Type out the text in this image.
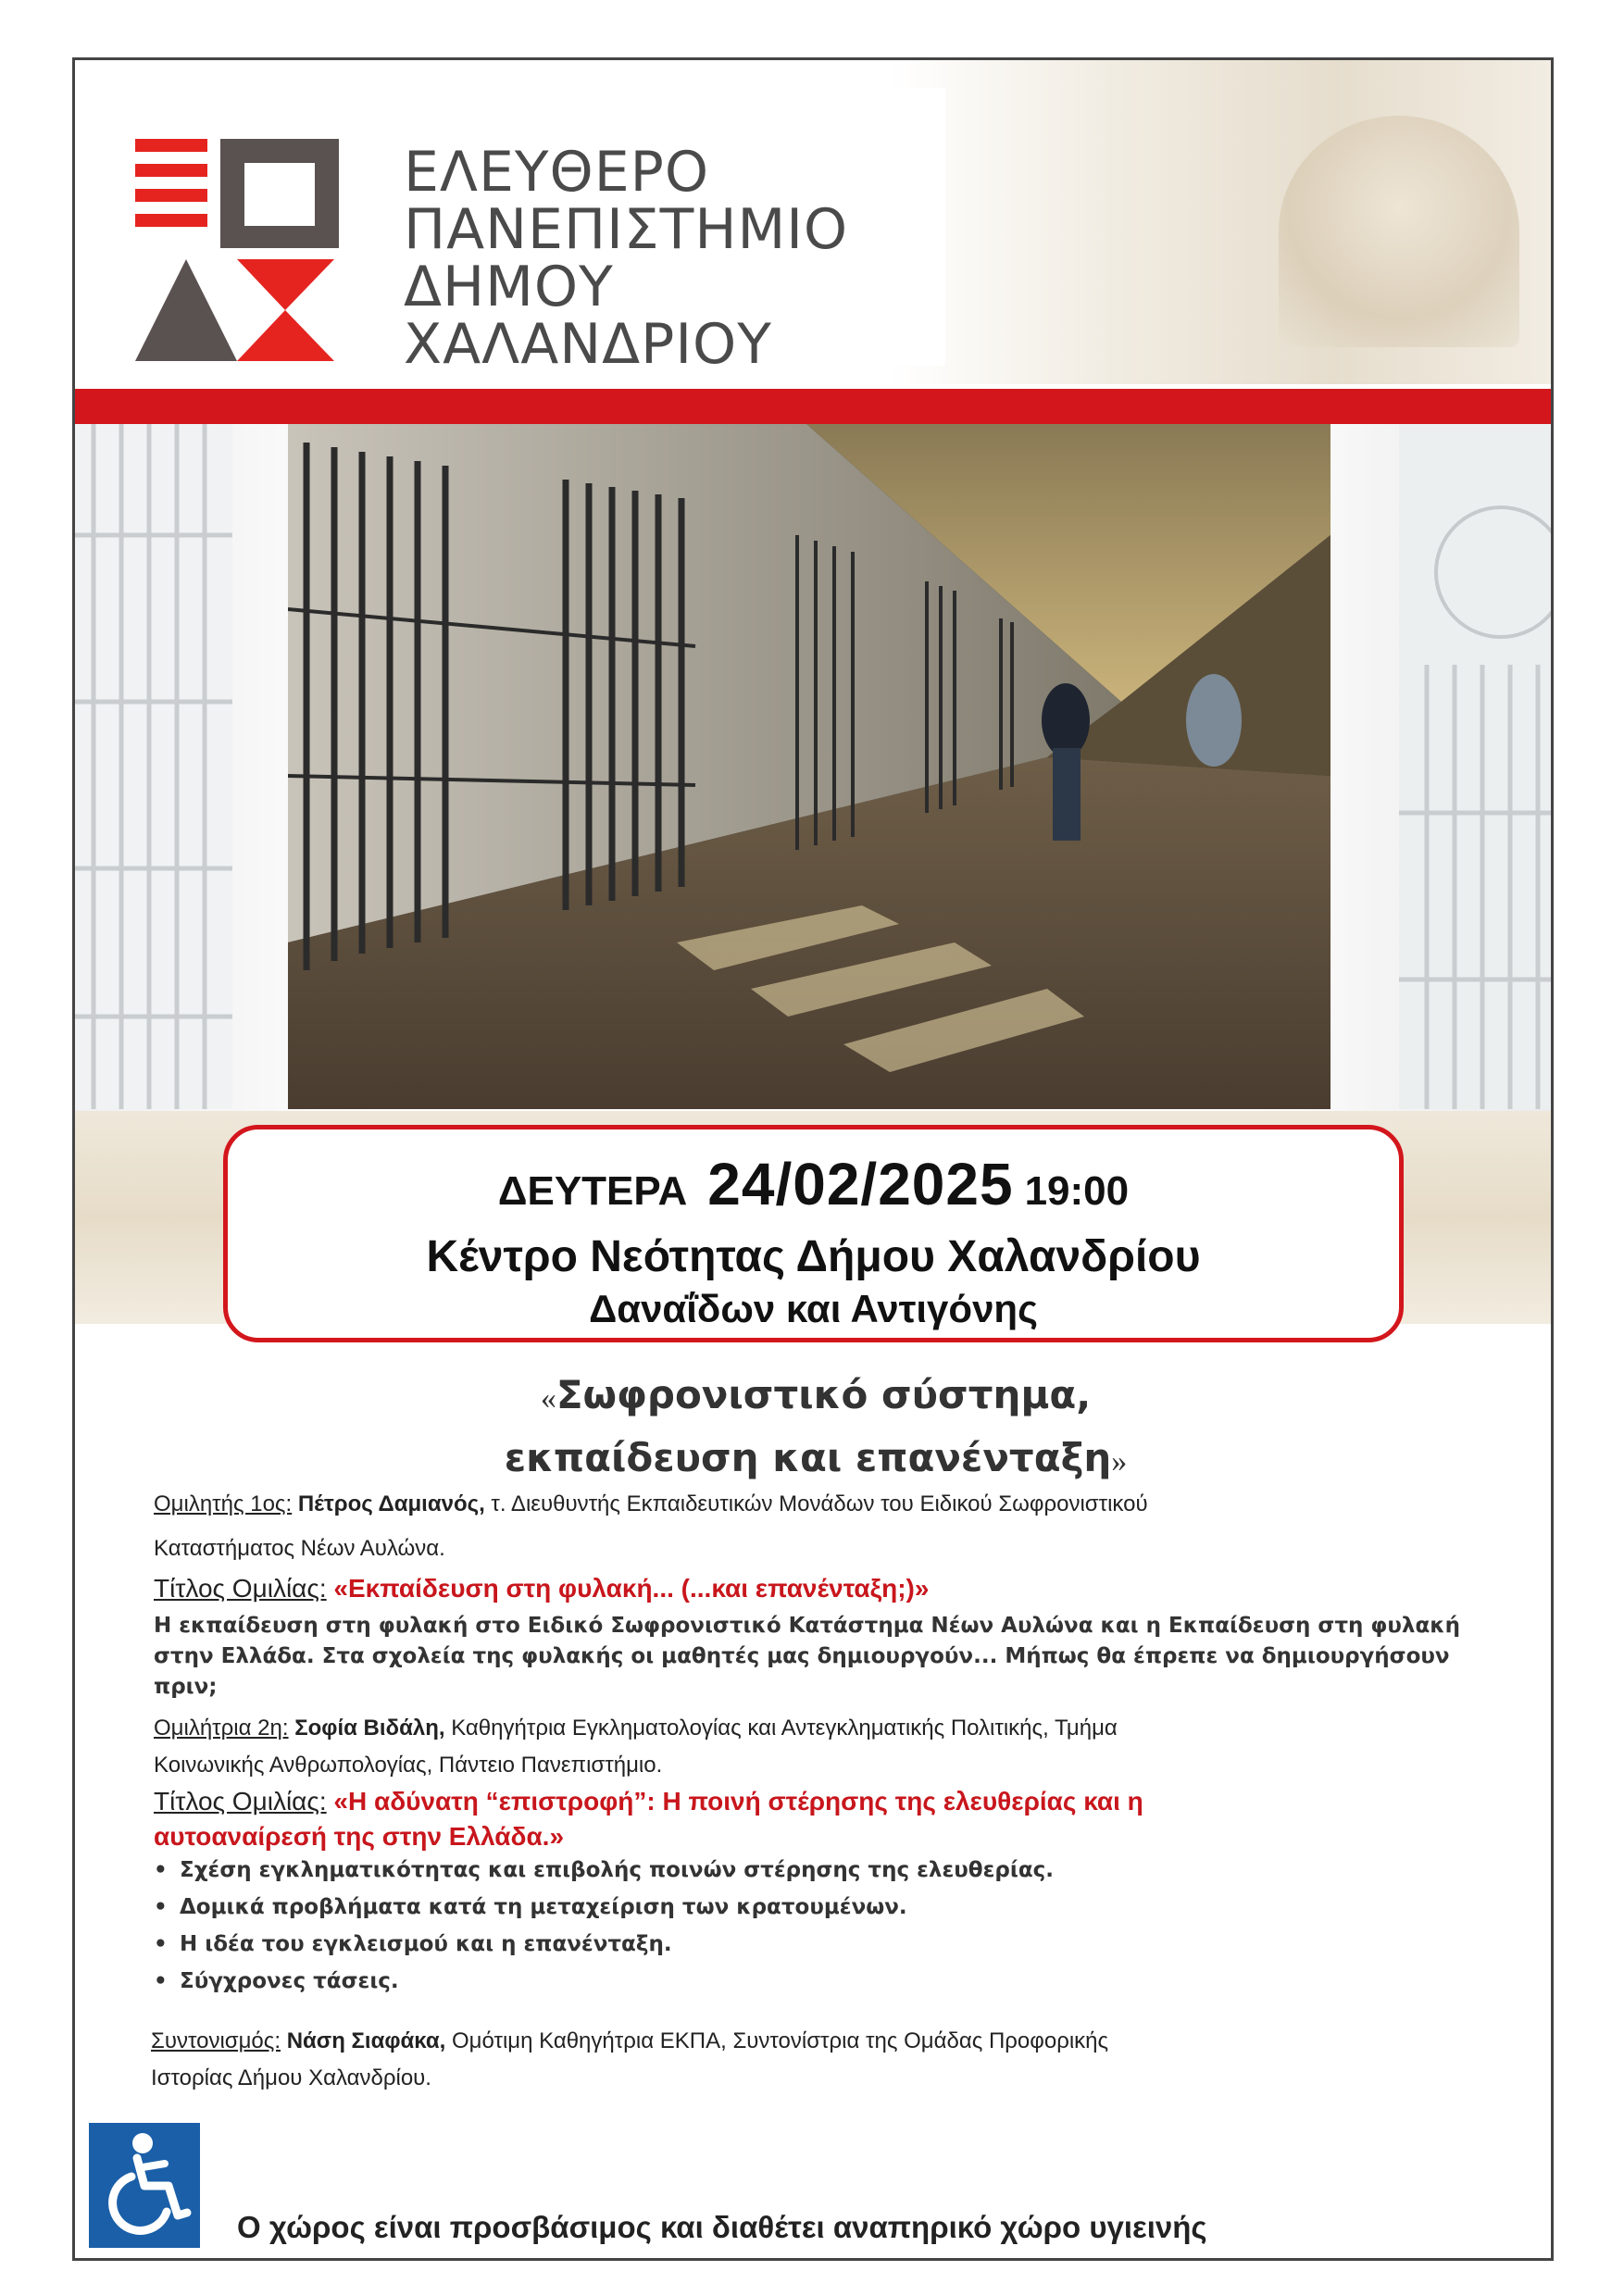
ΕΛΕΥΘΕΡΟ
ΠΑΝΕΠΙΣΤΗΜΙΟ
ΔΗΜΟΥ
ΧΑΛΑΝΔΡΙΟΥ
ΔΕΥΤΕΡΑ 24/02/2025 19:00
Κέντρο Νεότητας Δήμου Χαλανδρίου
Δαναΐδων και Αντιγόνης
«Σωφρονιστικό σύστημα,
εκπαίδευση και επανένταξη»
Ομιλητής 1ος: Πέτρος Δαμιανός, τ. Διευθυντής Εκπαιδευτικών Μονάδων του Ειδικού Σωφρονιστικού
Καταστήματος Νέων Αυλώνα.
Τίτλος Ομιλίας: «Εκπαίδευση στη φυλακή... (...και επανένταξη;)»
Η εκπαίδευση στη φυλακή στο Ειδικό Σωφρονιστικό Κατάστημα Νέων Αυλώνα και η Εκπαίδευση στη φυλακή στην Ελλάδα. Στα σχολεία της φυλακής οι μαθητές μας δημιουργούν... Μήπως θα έπρεπε να δημιουργήσουν πριν;
Ομιλήτρια 2η: Σοφία Βιδάλη, Καθηγήτρια Εγκληματολογίας και Αντεγκληματικής Πολιτικής, Τμήμα
Κοινωνικής Ανθρωπολογίας, Πάντειο Πανεπιστήμιο.
Τίτλος Ομιλίας: «Η αδύνατη “επιστροφή”: Η ποινή στέρησης της ελευθερίας και η
αυτοαναίρεσή της στην Ελλάδα.»
• Σχέση εγκληματικότητας και επιβολής ποινών στέρησης της ελευθερίας.
• Δομικά προβλήματα κατά τη μεταχείριση των κρατουμένων.
• Η ιδέα του εγκλεισμού και η επανένταξη.
• Σύγχρονες τάσεις.
Συντονισμός: Νάση Σιαφάκα, Ομότιμη Καθηγήτρια ΕΚΠΑ, Συντονίστρια της Ομάδας Προφορικής
Ιστορίας Δήμου Χαλανδρίου.
Ο χώρος είναι προσβάσιμος και διαθέτει αναπηρικό χώρο υγιεινής
